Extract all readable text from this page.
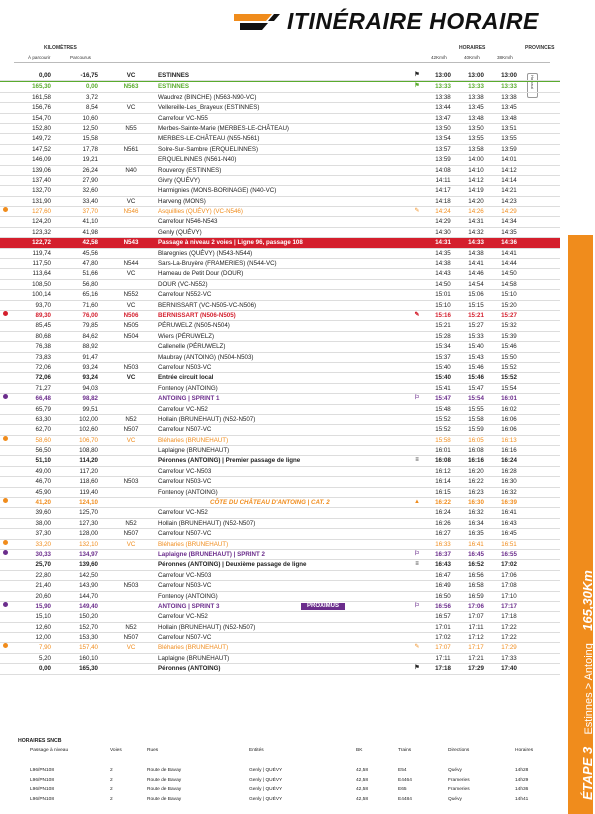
ITINÉRAIRE HORAIRE
KILOMÈTRES
À parcourir	Parcourus
HORAIRES	PROVINCES
42Km/h	40Km/h	38Km/h
Hainaut
0,00	-16,75	VC	ESTINNES	13:00	13:00	13:00
⚑
165,30	0,00	N563	ESTINNES	13:33	13:33	13:33
⚑
161,58	3,72	Waudrez (BINCHE) (N563-N90-VC)	13:38	13:38	13:38
156,76	8,54	VC	Vellereille-Les_Brayeux (ESTINNES)	13:44	13:45	13:45
154,70	10,60	Carrefour VC-N55	13:47	13:48	13:48
152,80	12,50	N55	Merbes-Sainte-Marie (MERBES-LE-CHÂTEAU)	13:50	13:50	13:51
149,72	15,58	MERBES-LE-CHÂTEAU (N55-N561)	13:54	13:55	13:55
147,52	17,78	N561	Solre-Sur-Sambre (ERQUELINNES)	13:57	13:58	13:59
146,09	19,21	ERQUELINNES (N561-N40)	13:59	14:00	14:01
139,06	26,24	N40	Rouveroy (ESTINNES)	14:08	14:10	14:12
137,40	27,90	Givry (QUÉVY)	14:11	14:12	14:14
132,70	32,60	Harmignies (MONS-BORINAGE) (N40-VC)	14:17	14:19	14:21
131,90	33,40	VC	Harveng (MONS)	14:18	14:20	14:23
127,60	37,70	N546	Asquillies (QUÉVY) (VC-N546)	14:24	14:26	14:29
✎
124,20	41,10	Carrefour N546-N543	14:29	14:31	14:34
123,32	41,98	Genly (QUÉVY)	14:30	14:32	14:35
122,72	42,58	N543	Passage à niveau 2 voies | Ligne 96, passage 108	14:31	14:33	14:36
119,74	45,56	Blaregnies (QUÉVY) (N543-N544)	14:35	14:38	14:41
117,50	47,80	N544	Sars-La-Bruyère (FRAMERIES) (N544-VC)	14:38	14:41	14:44
113,64	51,66	VC	Hameau de Petit Dour (DOUR)	14:43	14:46	14:50
108,50	56,80	DOUR (VC-N552)	14:50	14:54	14:58
100,14	65,16	N552	Carrefour N552-VC	15:01	15:06	15:10
93,70	71,60	VC	BERNISSART (VC-N505-VC-N506)	15:10	15:15	15:20
89,30	76,00	N506	BERNISSART (N506-N505)	15:16	15:21	15:27
✎
85,45	79,85	N505	PÉRUWELZ (N505-N504)	15:21	15:27	15:32
80,68	84,62	N504	Wiers (PÉRUWELZ)	15:28	15:33	15:39
76,38	88,92	Callenelle (PÉRUWELZ)	15:34	15:40	15:46
73,83	91,47	Maubray (ANTOING) (N504-N503)	15:37	15:43	15:50
72,06	93,24	N503	Carrefour N503-VC	15:40	15:46	15:52
72,06	93,24	VC	Entrée circuit local	15:40	15:46	15:52
71,27	94,03	Fontenoy (ANTOING)	15:41	15:47	15:54
66,48	98,82	ANTOING | SPRINT 1	15:47	15:54	16:01
⚐
65,79	99,51	Carrefour VC-N52	15:48	15:55	16:02
63,30	102,00	N52	Hollain (BRUNEHAUT) (N52-N507)	15:52	15:58	16:06
62,70	102,60	N507	Carrefour N507-VC	15:52	15:59	16:06
58,60	106,70	VC	Bléharies (BRUNEHAUT)	15:58	16:05	16:13
56,50	108,80	Laplaigne (BRUNEHAUT)	16:01	16:08	16:16
51,10	114,20	Péronnes (ANTOING) | Premier passage de ligne	16:08	16:16	16:24
≡
49,00	117,20	Carrefour VC-N503	16:12	16:20	16:28
46,70	118,60	N503	Carrefour N503-VC	16:14	16:22	16:30
45,90	119,40	Fontenoy (ANTOING)	16:15	16:23	16:32
41,20	124,10	CÔTE DU CHÂTEAU D'ANTOING | CAT. 2	16:22	16:30	16:39
▲
39,60	125,70	Carrefour VC-N52	16:24	16:32	16:41
38,00	127,30	N52	Hollain (BRUNEHAUT) (N52-N507)	16:26	16:34	16:43
37,30	128,00	N507	Carrefour N507-VC	16:27	16:35	16:45
33,20	132,10	VC	Bléharies (BRUNEHAUT)	16:33	16:41	16:51
30,33	134,97	Laplaigne (BRUNEHAUT) | SPRINT 2	16:37	16:45	16:55
⚐
25,70	139,60	Péronnes (ANTOING) | Deuxième passage de ligne	16:43	16:52	17:02
≡
22,80	142,50	Carrefour VC-N503	16:47	16:56	17:06
21,40	143,90	N503	Carrefour N503-VC	16:49	16:58	17:08
20,60	144,70	Fontenoy (ANTOING)	16:50	16:59	17:10
15,90	149,40	ANTOING | SPRINT 3	16:56	17:06	17:17
⚐
PROXIMUS
15,10	150,20	Carrefour VC-N52	16:57	17:07	17:18
12,60	152,70	N52	Hollain (BRUNEHAUT) (N52-N507)	17:01	17:11	17:22
12,00	153,30	N507	Carrefour N507-VC	17:02	17:12	17:22
7,90	157,40	VC	Bléharies (BRUNEHAUT)	17:07	17:17	17:29
✎
5,20	160,10	Laplaigne (BRUNEHAUT)	17:11	17:21	17:33
0,00	165,30	Péronnes (ANTOING)	17:18	17:29	17:40
⚑
ÉTAPE 3    Estinnes > Antoing    165,30Km
HORAIRES SNCB
Passage à niveau	Voies	Rues	Entités	BK	Trains	Directions	Horaires
L96/PN108	2	Route de Bavay	Genly | QUÉVY	42,58	E54	Quévy	14h28
L96/PN108	2	Route de Bavay	Genly | QUÉVY	42,58	E4464	Frameries	14h29
L96/PN108	2	Route de Bavay	Genly | QUÉVY	42,58	E65	Frameries	14h36
L96/PN108	2	Route de Bavay	Genly | QUÉVY	42,58	E4484	Quévy	14h41
